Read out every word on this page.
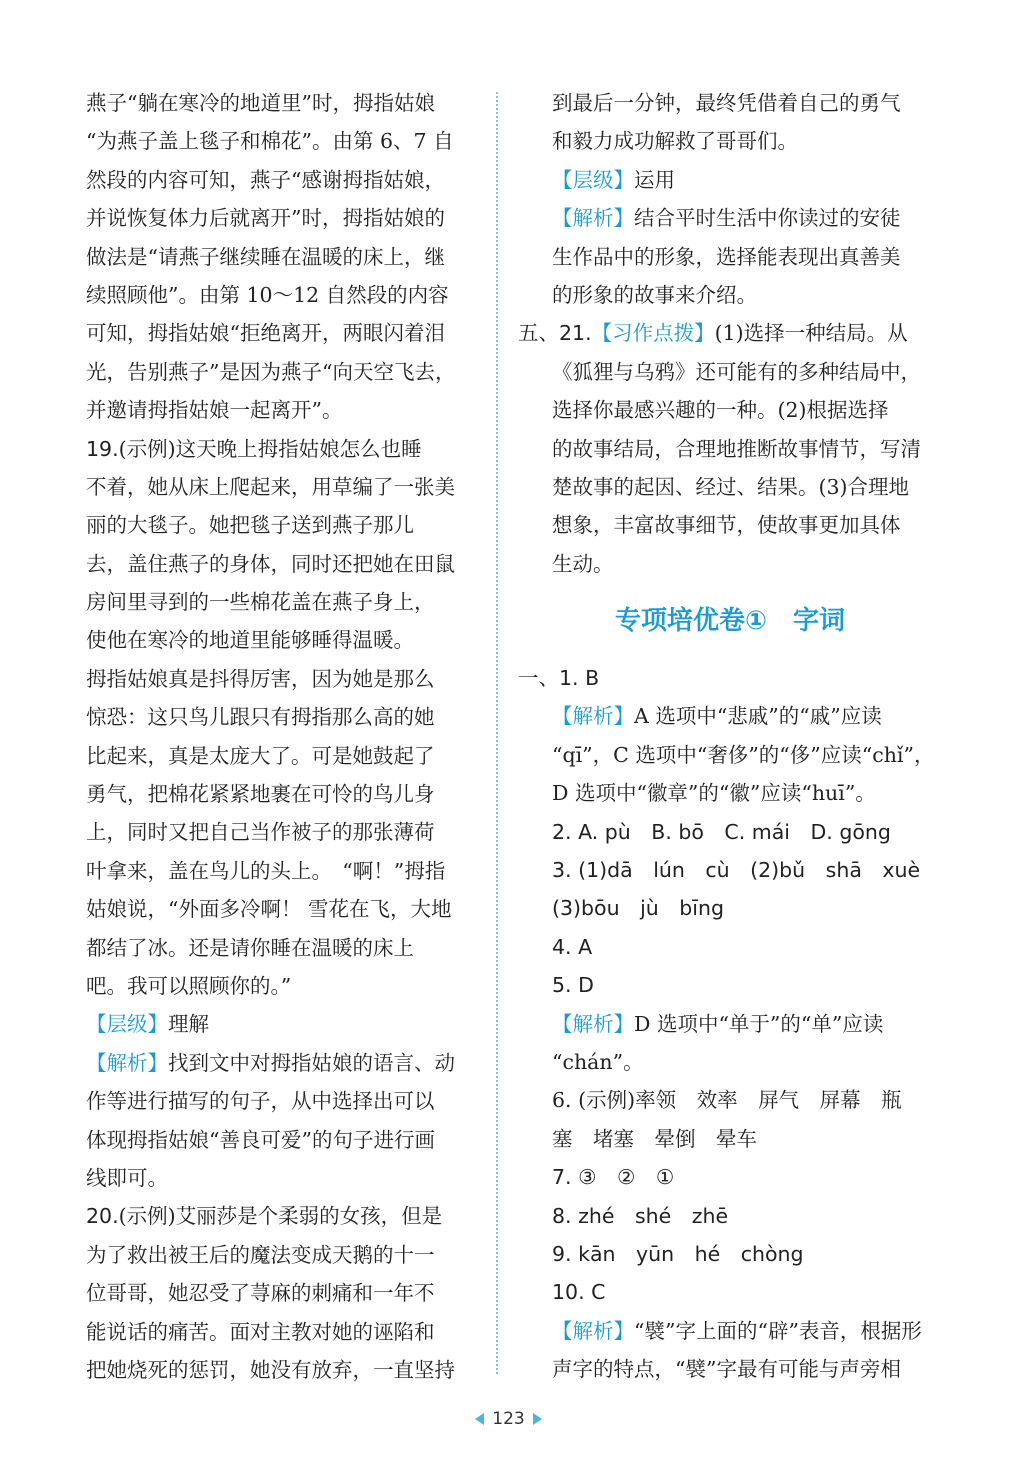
燕子“躺在寒冷的地道里”时，拇指姑娘
“为燕子盖上毯子和棉花”。由第 6、7 自
然段的内容可知，燕子“感谢拇指姑娘，
并说恢复体力后就离开”时，拇指姑娘的
做法是“请燕子继续睡在温暖的床上，继
续照顾他”。由第 10～12 自然段的内容
可知，拇指姑娘“拒绝离开，两眼闪着泪
光，告别燕子”是因为燕子“向天空飞去，
并邀请拇指姑娘一起离开”。
19.(示例)这天晚上拇指姑娘怎么也睡
不着，她从床上爬起来，用草编了一张美
丽的大毯子。她把毯子送到燕子那儿
去，盖住燕子的身体，同时还把她在田鼠
房间里寻到的一些棉花盖在燕子身上，
使他在寒冷的地道里能够睡得温暖。
拇指姑娘真是抖得厉害，因为她是那么
惊恐：这只鸟儿跟只有拇指那么高的她
比起来，真是太庞大了。可是她鼓起了
勇气，把棉花紧紧地裹在可怜的鸟儿身
上，同时又把自己当作被子的那张薄荷
叶拿来，盖在鸟儿的头上。　“啊！”拇指
姑娘说，“外面多冷啊！ 雪花在飞，大地
都结了冰。还是请你睡在温暖的床上
吧。我可以照顾你的。”
【层级】理解
【解析】找到文中对拇指姑娘的语言、动
作等进行描写的句子，从中选择出可以
体现拇指姑娘“善良可爱”的句子进行画
线即可。
20.(示例)艾丽莎是个柔弱的女孩，但是
为了救出被王后的魔法变成天鹅的十一
位哥哥，她忍受了荨麻的刺痛和一年不
能说话的痛苦。面对主教对她的诬陷和
把她烧死的惩罚，她没有放弃，一直坚持
到最后一分钟，最终凭借着自己的勇气
和毅力成功解救了哥哥们。
【层级】运用
【解析】结合平时生活中你读过的安徒
生作品中的形象，选择能表现出真善美
的形象的故事来介绍。
五、21.【习作点拨】(1)选择一种结局。从
《狐狸与乌鸦》还可能有的多种结局中，
选择你最感兴趣的一种。(2)根据选择
的故事结局，合理地推断故事情节，写清
楚故事的起因、经过、结果。(3)合理地
想象，丰富故事细节，使故事更加具体
生动。
专项培优卷①　字词
一、1. B
【解析】A 选项中“悲戚”的“戚”应读
“qī”，C 选项中“奢侈”的“侈”应读“chǐ”，
D 选项中“徽章”的“徽”应读“huī”。
2. A. pù　B. bō　C. mái　D. gōng
3. (1)dā　lún　cù　(2)bǔ　shā　xuè
(3)bōu　jù　bīng
4. A
5. D
【解析】D 选项中“单于”的“单”应读
“chán”。
6. (示例)率领　效率　屏气　屏幕　瓶
塞　堵塞　晕倒　晕车
7. ③　②　①
8. zhé　shé　zhē
9. kān　yūn　hé　chòng
10. C
【解析】“襞”字上面的“辟”表音，根据形
声字的特点，“襞”字最有可能与声旁相
123
